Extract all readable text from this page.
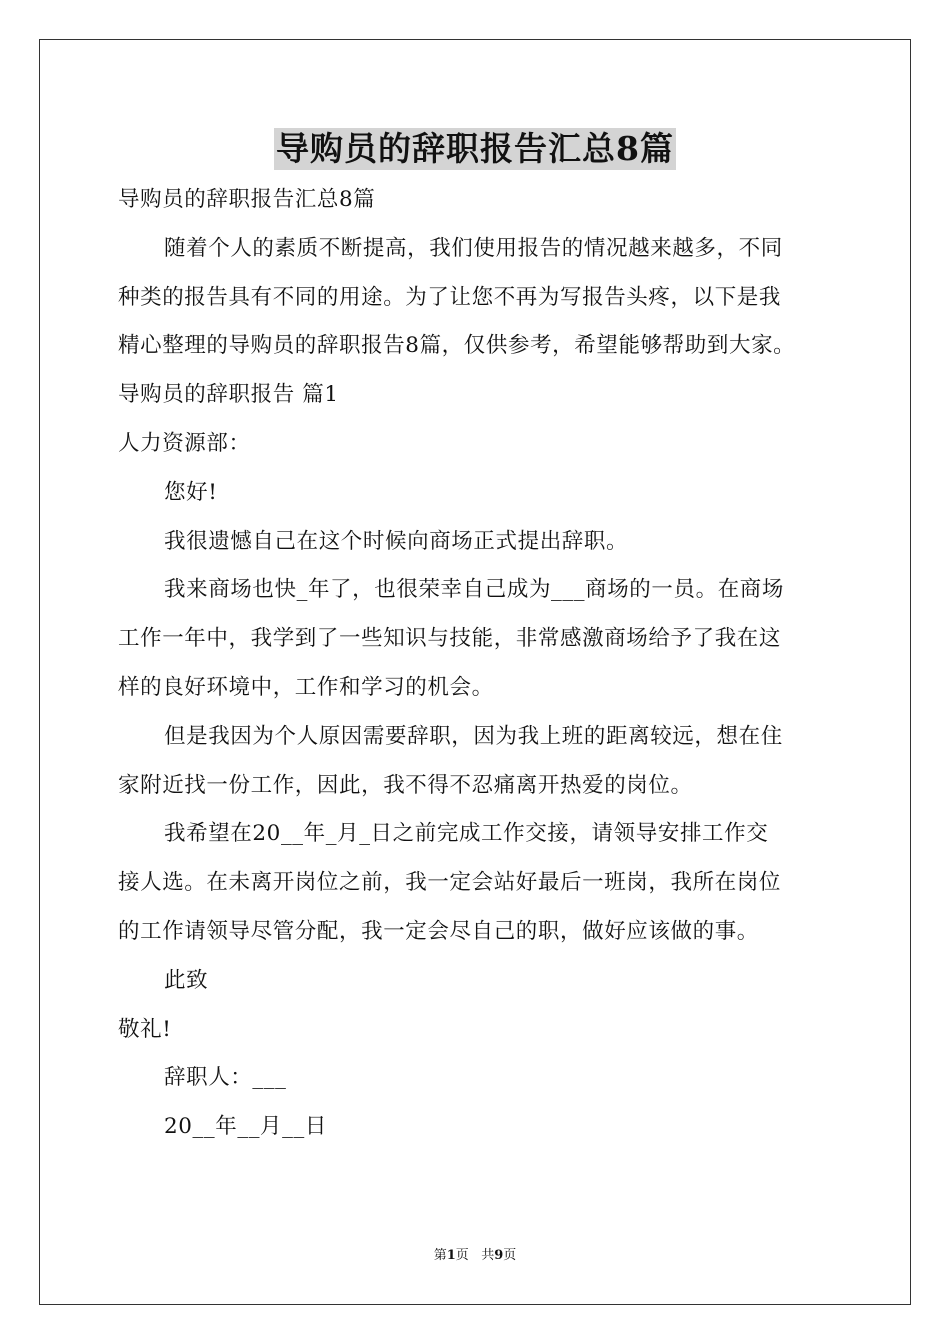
导购员的辞职报告汇总8篇
导购员的辞职报告汇总8篇
随着个人的素质不断提高，我们使用报告的情况越来越多，不同
种类的报告具有不同的用途。为了让您不再为写报告头疼，以下是我
精心整理的导购员的辞职报告8篇，仅供参考，希望能够帮助到大家。
导购员的辞职报告 篇1
人力资源部：
您好!
我很遗憾自己在这个时候向商场正式提出辞职。
我来商场也快_年了，也很荣幸自己成为___商场的一员。在商场
工作一年中，我学到了一些知识与技能，非常感激商场给予了我在这
样的良好环境中，工作和学习的机会。
但是我因为个人原因需要辞职，因为我上班的距离较远，想在住
家附近找一份工作，因此，我不得不忍痛离开热爱的岗位。
我希望在20__年_月_日之前完成工作交接，请领导安排工作交
接人选。在未离开岗位之前，我一定会站好最后一班岗，我所在岗位
的工作请领导尽管分配，我一定会尽自己的职，做好应该做的事。
此致
敬礼!
辞职人：___
20__年__月__日
第1页 共9页
